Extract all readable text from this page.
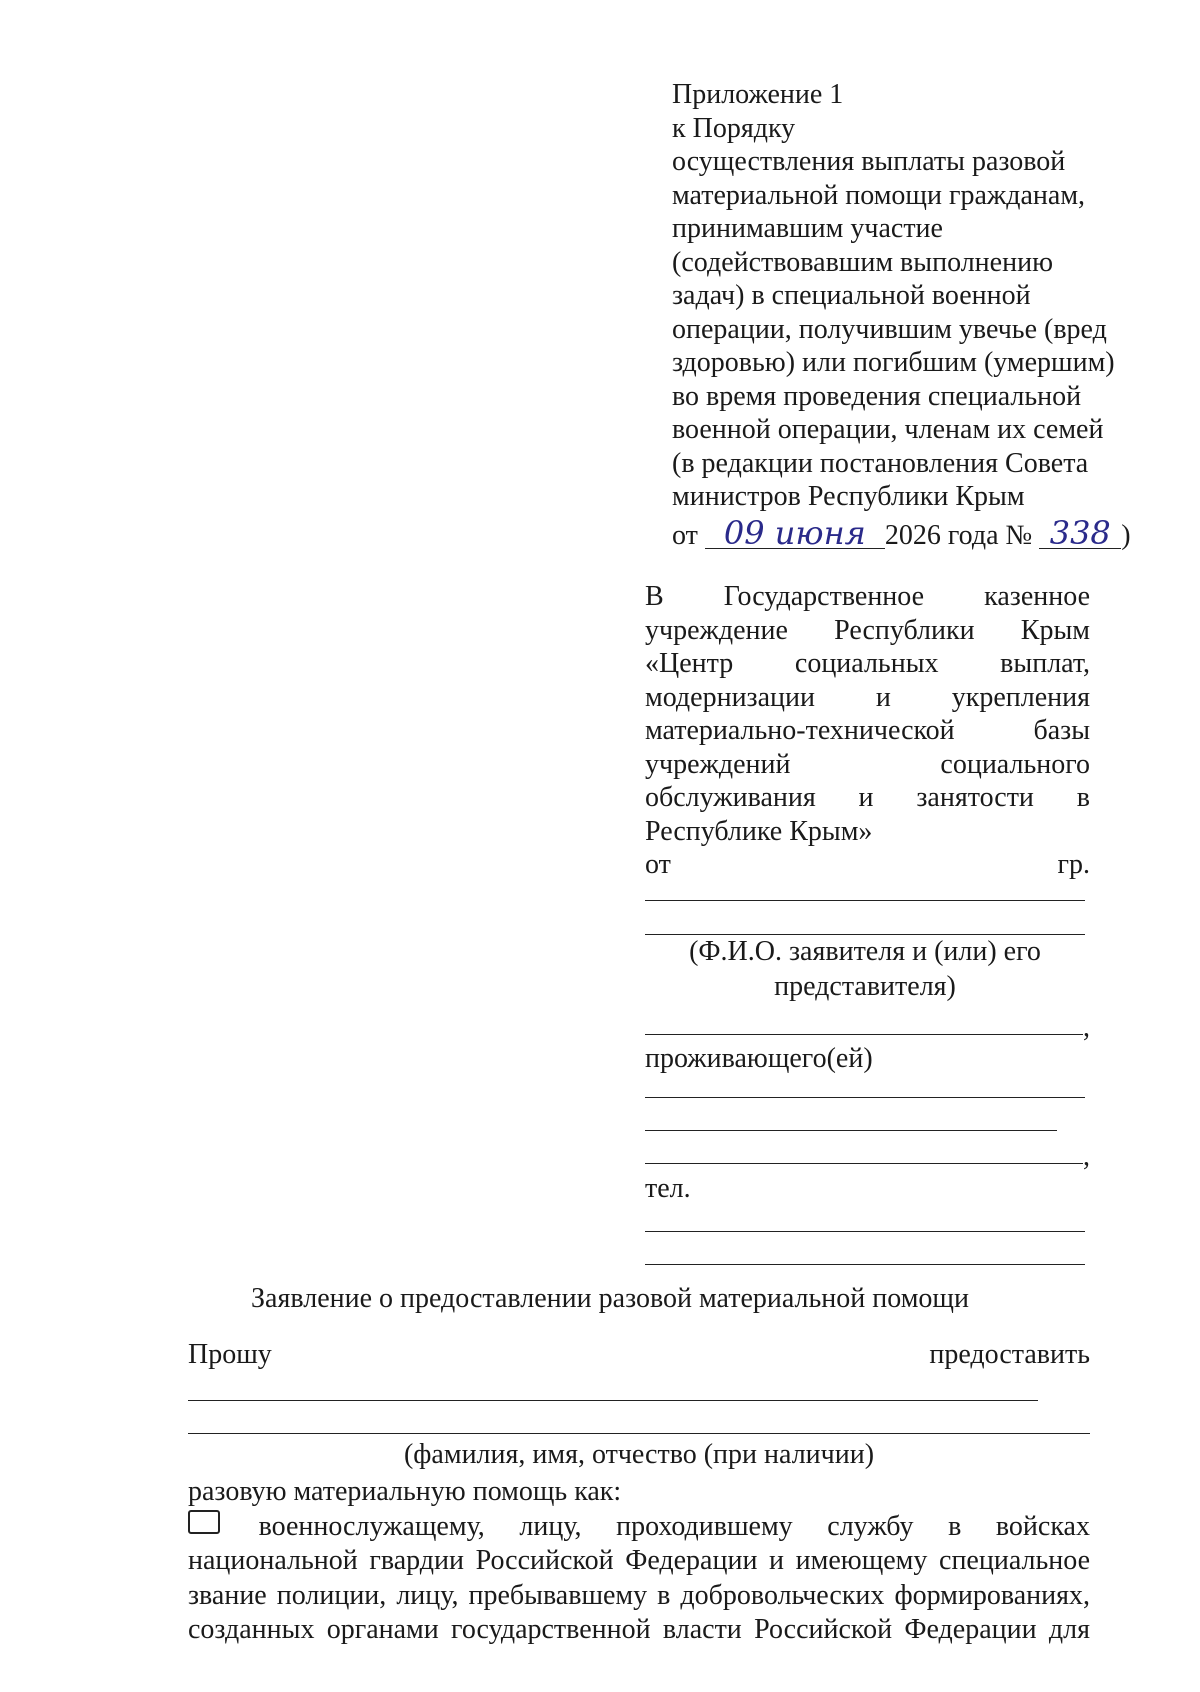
Приложение 1
к Порядку
осуществления выплаты разовой
материальной помощи гражданам,
принимавшим участие
(содействовавшим выполнению
задач) в специальной военной
операции, получившим увечье (вред
здоровью) или погибшим (умершим)
во время проведения специальной
военной операции, членам их семей
(в редакции постановления Совета
министров Республики Крым
от 09 июня 2026 года № 338 )
В Государственное казенное
учреждение Республики Крым
«Центр социальных выплат,
модернизации и укрепления
материально-технической	базы
учреждений	социального
обслуживания и занятости в
Республике Крым»
от	гр.
(Ф.И.О. заявителя и (или) его
представителя)
,
проживающего(ей)
,
тел.
Заявление о предоставлении разовой материальной помощи
Прошу	предоставить
(фамилия, имя, отчество (при наличии)
разовую материальную помощь как:
военнослужащему, лицу, проходившему службу в войсках
национальной гвардии Российской Федерации и имеющему специальное
звание полиции, лицу, пребывавшему в добровольческих формированиях,
созданных органами государственной власти Российской Федерации для
